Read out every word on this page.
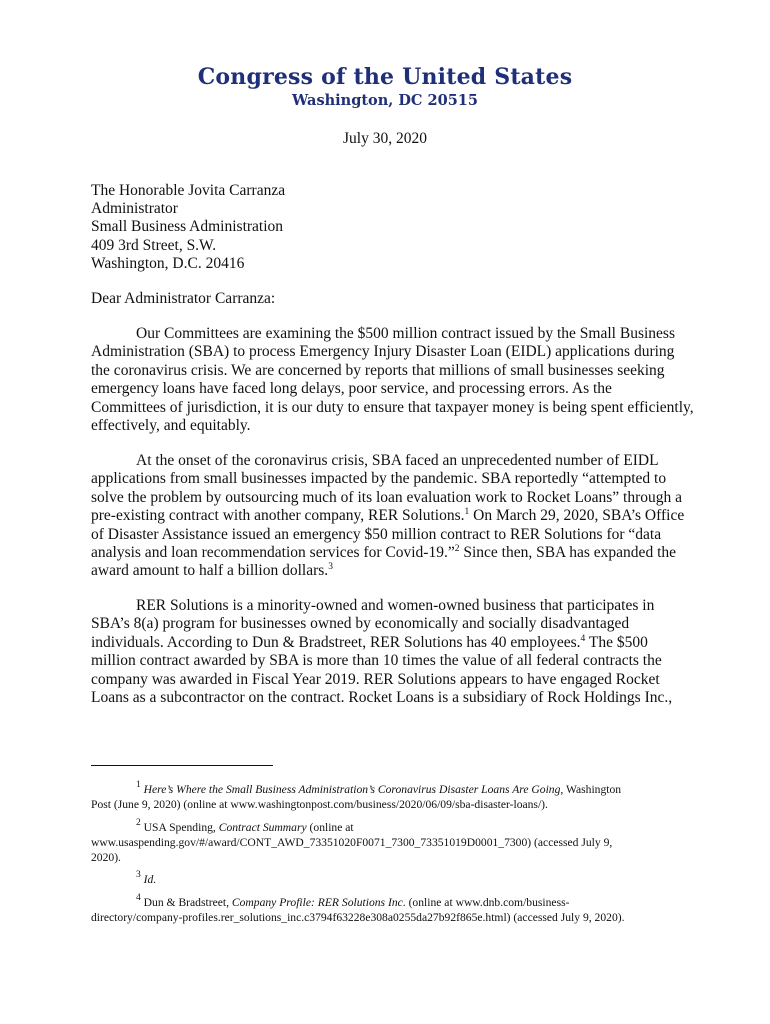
Congress of the United States
Washington, DC 20515
July 30, 2020
The Honorable Jovita Carranza
Administrator
Small Business Administration
409 3rd Street, S.W.
Washington, D.C. 20416
Dear Administrator Carranza:
Our Committees are examining the $500 million contract issued by the Small Business
Administration (SBA) to process Emergency Injury Disaster Loan (EIDL) applications during
the coronavirus crisis. We are concerned by reports that millions of small businesses seeking
emergency loans have faced long delays, poor service, and processing errors. As the
Committees of jurisdiction, it is our duty to ensure that taxpayer money is being spent efficiently,
effectively, and equitably.
At the onset of the coronavirus crisis, SBA faced an unprecedented number of EIDL
applications from small businesses impacted by the pandemic. SBA reportedly “attempted to
solve the problem by outsourcing much of its loan evaluation work to Rocket Loans” through a
pre-existing contract with another company, RER Solutions.$^1$ On March 29, 2020, SBA’s Office
of Disaster Assistance issued an emergency $50 million contract to RER Solutions for “data
analysis and loan recommendation services for Covid-19.”$^2$ Since then, SBA has expanded the
award amount to half a billion dollars.$^3$
RER Solutions is a minority-owned and women-owned business that participates in
SBA’s 8(a) program for businesses owned by economically and socially disadvantaged
individuals. According to Dun & Bradstreet, RER Solutions has 40 employees.$^4$ The $500
million contract awarded by SBA is more than 10 times the value of all federal contracts the
company was awarded in Fiscal Year 2019. RER Solutions appears to have engaged Rocket
Loans as a subcontractor on the contract. Rocket Loans is a subsidiary of Rock Holdings Inc.,
$^1$ Here’s Where the Small Business Administration’s Coronavirus Disaster Loans Are Going, Washington
Post (June 9, 2020) (online at www.washingtonpost.com/business/2020/06/09/sba-disaster-loans/).
$^2$ USA Spending, Contract Summary (online at
www.usaspending.gov/#/award/CONT_AWD_73351020F0071_7300_73351019D0001_7300) (accessed July 9,
2020).
$^3$ Id.
$^4$ Dun & Bradstreet, Company Profile: RER Solutions Inc. (online at www.dnb.com/business-
directory/company-profiles.rer_solutions_inc.c3794f63228e308a0255da27b92f865e.html) (accessed July 9, 2020).
